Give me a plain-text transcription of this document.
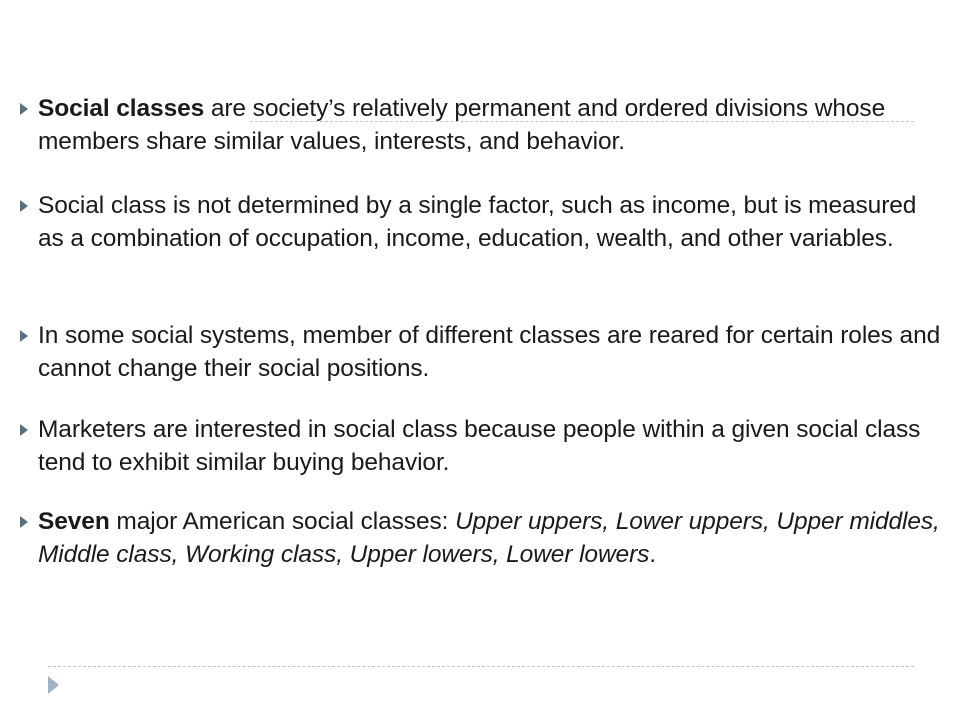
Social classes are society’s relatively permanent and ordered divisions whose members share similar values, interests, and behavior.
Social class is not determined by a single factor, such as income, but is measured as a combination of occupation, income, education, wealth, and other variables.
In some social systems, member of different classes are reared for certain roles and cannot change their social positions.
Marketers are interested in social class because people within a given social class tend to exhibit similar buying behavior.
Seven major American social classes: Upper uppers, Lower uppers, Upper middles, Middle class, Working class, Upper lowers, Lower lowers.
